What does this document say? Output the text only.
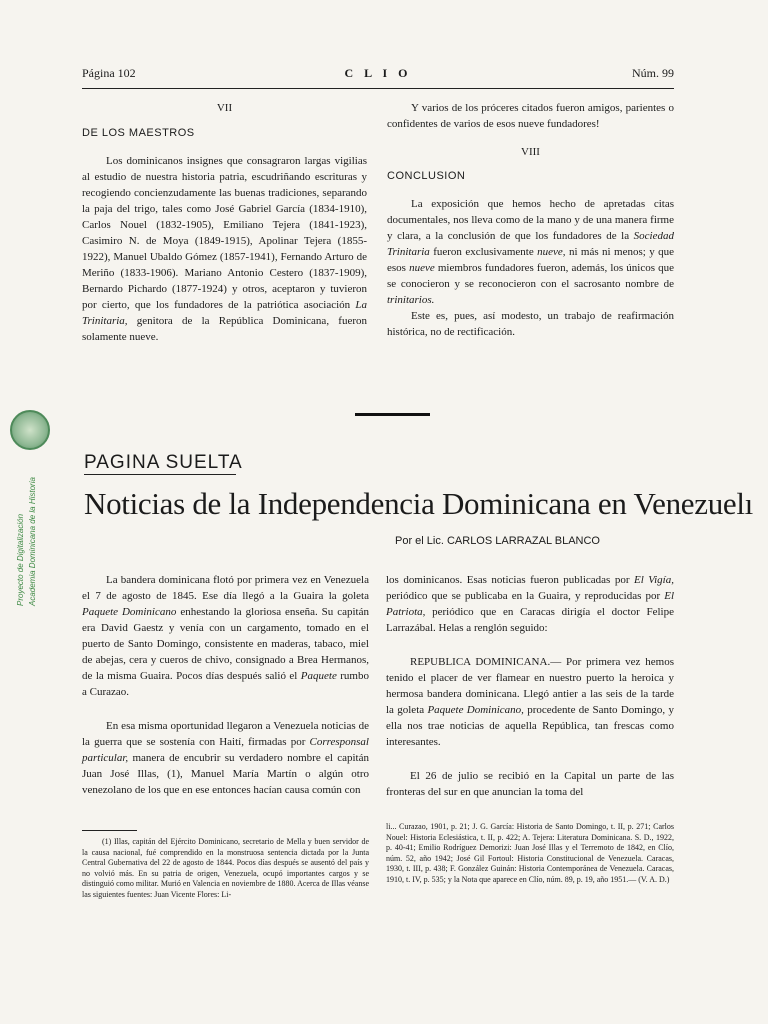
Página 102	C L I O	Núm. 99
VII
DE LOS MAESTROS

Los dominicanos insignes que consagraron largas vigilias al estudio de nuestra historia patria, escudriñando escrituras y recogiendo concienzudamente las buenas tradiciones, separando la paja del trigo, tales como José Gabriel García (1834-1910), Carlos Nouel (1832-1905), Emiliano Tejera (1841-1923), Casimiro N. de Moya (1849-1915), Apolinar Tejera (1855-1922), Manuel Ubaldo Gómez (1857-1941), Fernando Arturo de Meriño (1833-1906). Mariano Antonio Cestero (1837-1909), Bernardo Pichardo (1877-1924) y otros, aceptaron y tuvieron por cierto, que los fundadores de la patriótica asociación La Trinitaria, genitora de la República Dominicana, fueron solamente nueve.

Y varios de los próceres citados fueron amigos, parientes o confidentes de varios de esos nueve fundadores!

VIII
CONCLUSION

La exposición que hemos hecho de apretadas citas documentales, nos lleva como de la mano y de una manera firme y clara, a la conclusión de que los fundadores de la Sociedad Trinitaria fueron exclusivamente nueve, ni más ni menos; y que esos nueve miembros fundadores fueron, además, los únicos que se conocieron y se reconocieron con el sacrosanto nombre de trinitarios.

Este es, pues, así modesto, un trabajo de reafirmación histórica, no de rectificación.

Proyecto de Digitalización Academia Dominicana de la Historia
PAGINA SUELTA
Noticias de la Independencia Dominicana en Venezuelı
Por el Lic. CARLOS LARRAZAL BLANCO

La bandera dominicana flotó por primera vez en Venezuela el 7 de agosto de 1845. Ese día llegó a la Guaira la goleta Paquete Dominicano enhestando la gloriosa enseña. Su capitán era David Gaestz y venía con un cargamento, tomado en el puerto de Santo Domingo, consistente en maderas, tabaco, miel de abejas, cera y cueros de chivo, consignado a Brea Hermanos, de la misma Guaira. Pocos días después salió el Paquete rumbo a Curazao.

En esa misma oportunidad llegaron a Venezuela noticias de la guerra que se sostenía con Haití, firmadas por Corresponsal particular, manera de encubrir su verdadero nombre el capitán Juan José Illas, (1), Manuel María Martín o algún otro venezolano de los que en ese entonces hacían causa común con

los dominicanos. Esas noticias fueron publicadas por El Vigía, periódico que se publicaba en la Guaira, y reproducidas por El Patriota, periódico que en Caracas dirigía el doctor Felipe Larrazábal. Helas a renglón seguido:

REPUBLICA DOMINICANA.— Por primera vez hemos tenido el placer de ver flamear en nuestro puerto la heroica y hermosa bandera dominicana. Llegó antier a las seis de la tarde la goleta Paquete Dominicano, procedente de Santo Domingo, y ella nos trae noticias de aquella República, tan frescas como interesantes.

El 26 de julio se recibió en la Capital un parte de las fronteras del sur en que anuncian la toma del

(1) Illas, capitán del Ejército Dominicano, secretario de Mella y buen servidor de la causa nacional, fué comprendido en la monstruosa sentencia dictada por la Junta Central Gubernativa del 22 de agosto de 1844. Pocos días después se ausentó del país y no volvió más. En su patria de origen, Venezuela, ocupó importantes cargos y se distinguió como militar. Murió en Valencia en noviembre de 1880. Acerca de Illas véanse las siguientes fuentes: Juan Vicente Flores: Li-

li... Curazao, 1901, p. 21; J. G. García: Historia de Santo Domingo, t. II, p. 271; Carlos Nouel: Historia Eclesiástica, t. II, p. 422; A. Tejera: Literatura Dominicana. S. D., 1922, p. 40-41; Emilio Rodríguez Demorizi: Juan José Illas y el Terremoto de 1842, en Clío, núm. 52, año 1942; José Gil Fortoul: Historia Constitucional de Venezuela. Caracas, 1930, t. III, p. 438; F. González Guinán: Historia Contemporánea de Venezuela. Caracas, 1910, t. IV, p. 535; y la Nota que aparece en Clío, núm. 89, p. 19, año 1951.— (V. A. D.)
